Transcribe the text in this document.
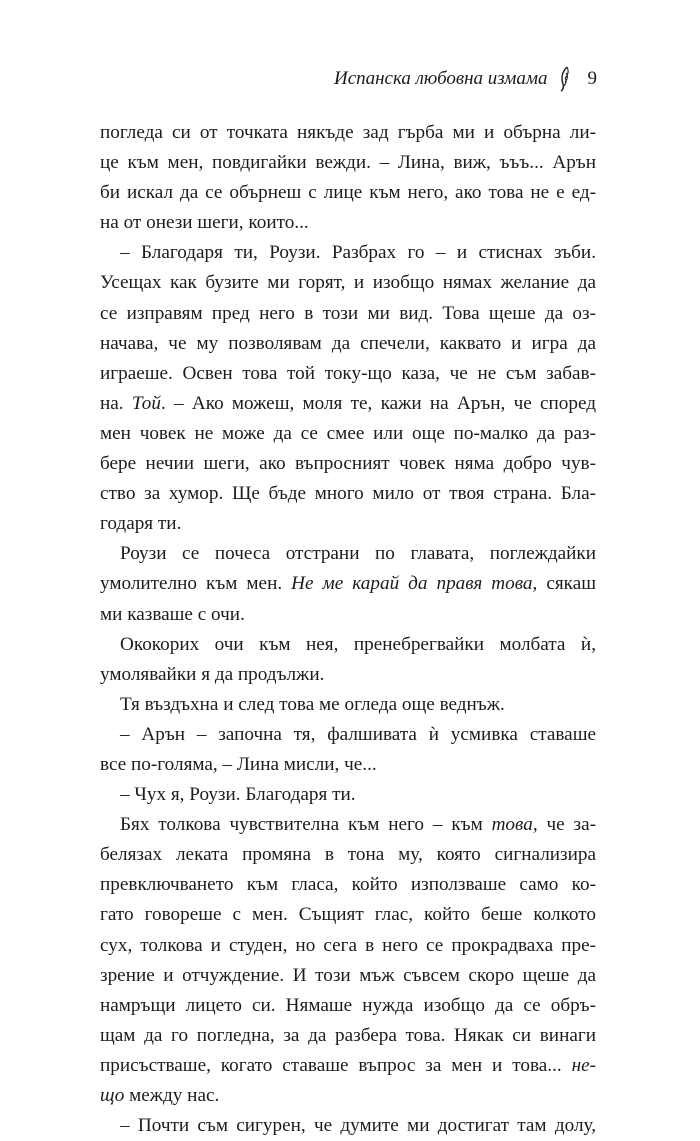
Испанска любовна измама 9
погледа си от точката някъде зад гърба ми и обърна ли-
це към мен, повдигайки вежди. – Лина, виж, ъъъ... Арън
би искал да се обърнеш с лице към него, ако това не е ед-
на от онези шеги, които...
– Благодаря ти, Роузи. Разбрах го – и стиснах зъби.
Усещах как бузите ми горят, и изобщо нямах желание да
се изправям пред него в този ми вид. Това щеше да оз-
начава, че му позволявам да спечели, каквато и игра да
играеше. Освен това той току-що каза, че не съм забав-
на. Той. – Ако можеш, моля те, кажи на Арън, че според
мен човек не може да се смее или още по-малко да раз-
бере нечии шеги, ако въпросният човек няма добро чув-
ство за хумор. Ще бъде много мило от твоя страна. Бла-
годаря ти.
Роузи се почеса отстрани по главата, поглеждайки
умолително към мен. Не ме карай да правя това, сякаш
ми казваше с очи.
Ококорих очи към нея, пренебрегвайки молбата ѝ,
умолявайки я да продължи.
Тя въздъхна и след това ме огледа още веднъж.
– Арън – започна тя, фалшивата ѝ усмивка ставаше
все по-голяма, – Лина мисли, че...
– Чух я, Роузи. Благодаря ти.
Бях толкова чувствителна към него – към това, че за-
белязах леката промяна в тона му, която сигнализира
превключването към гласа, който използваше само ко-
гато говореше с мен. Същият глас, който беше колкото
сух, толкова и студен, но сега в него се прокрадваха пре-
зрение и отчуждение. И този мъж съвсем скоро щеше да
намръщи лицето си. Нямаше нужда изобщо да се обръ-
щам да го погледна, за да разбера това. Някак си винаги
присъстваше, когато ставаше въпрос за мен и това... не-
що между нас.
– Почти съм сигурен, че думите ми достигат там долу,
